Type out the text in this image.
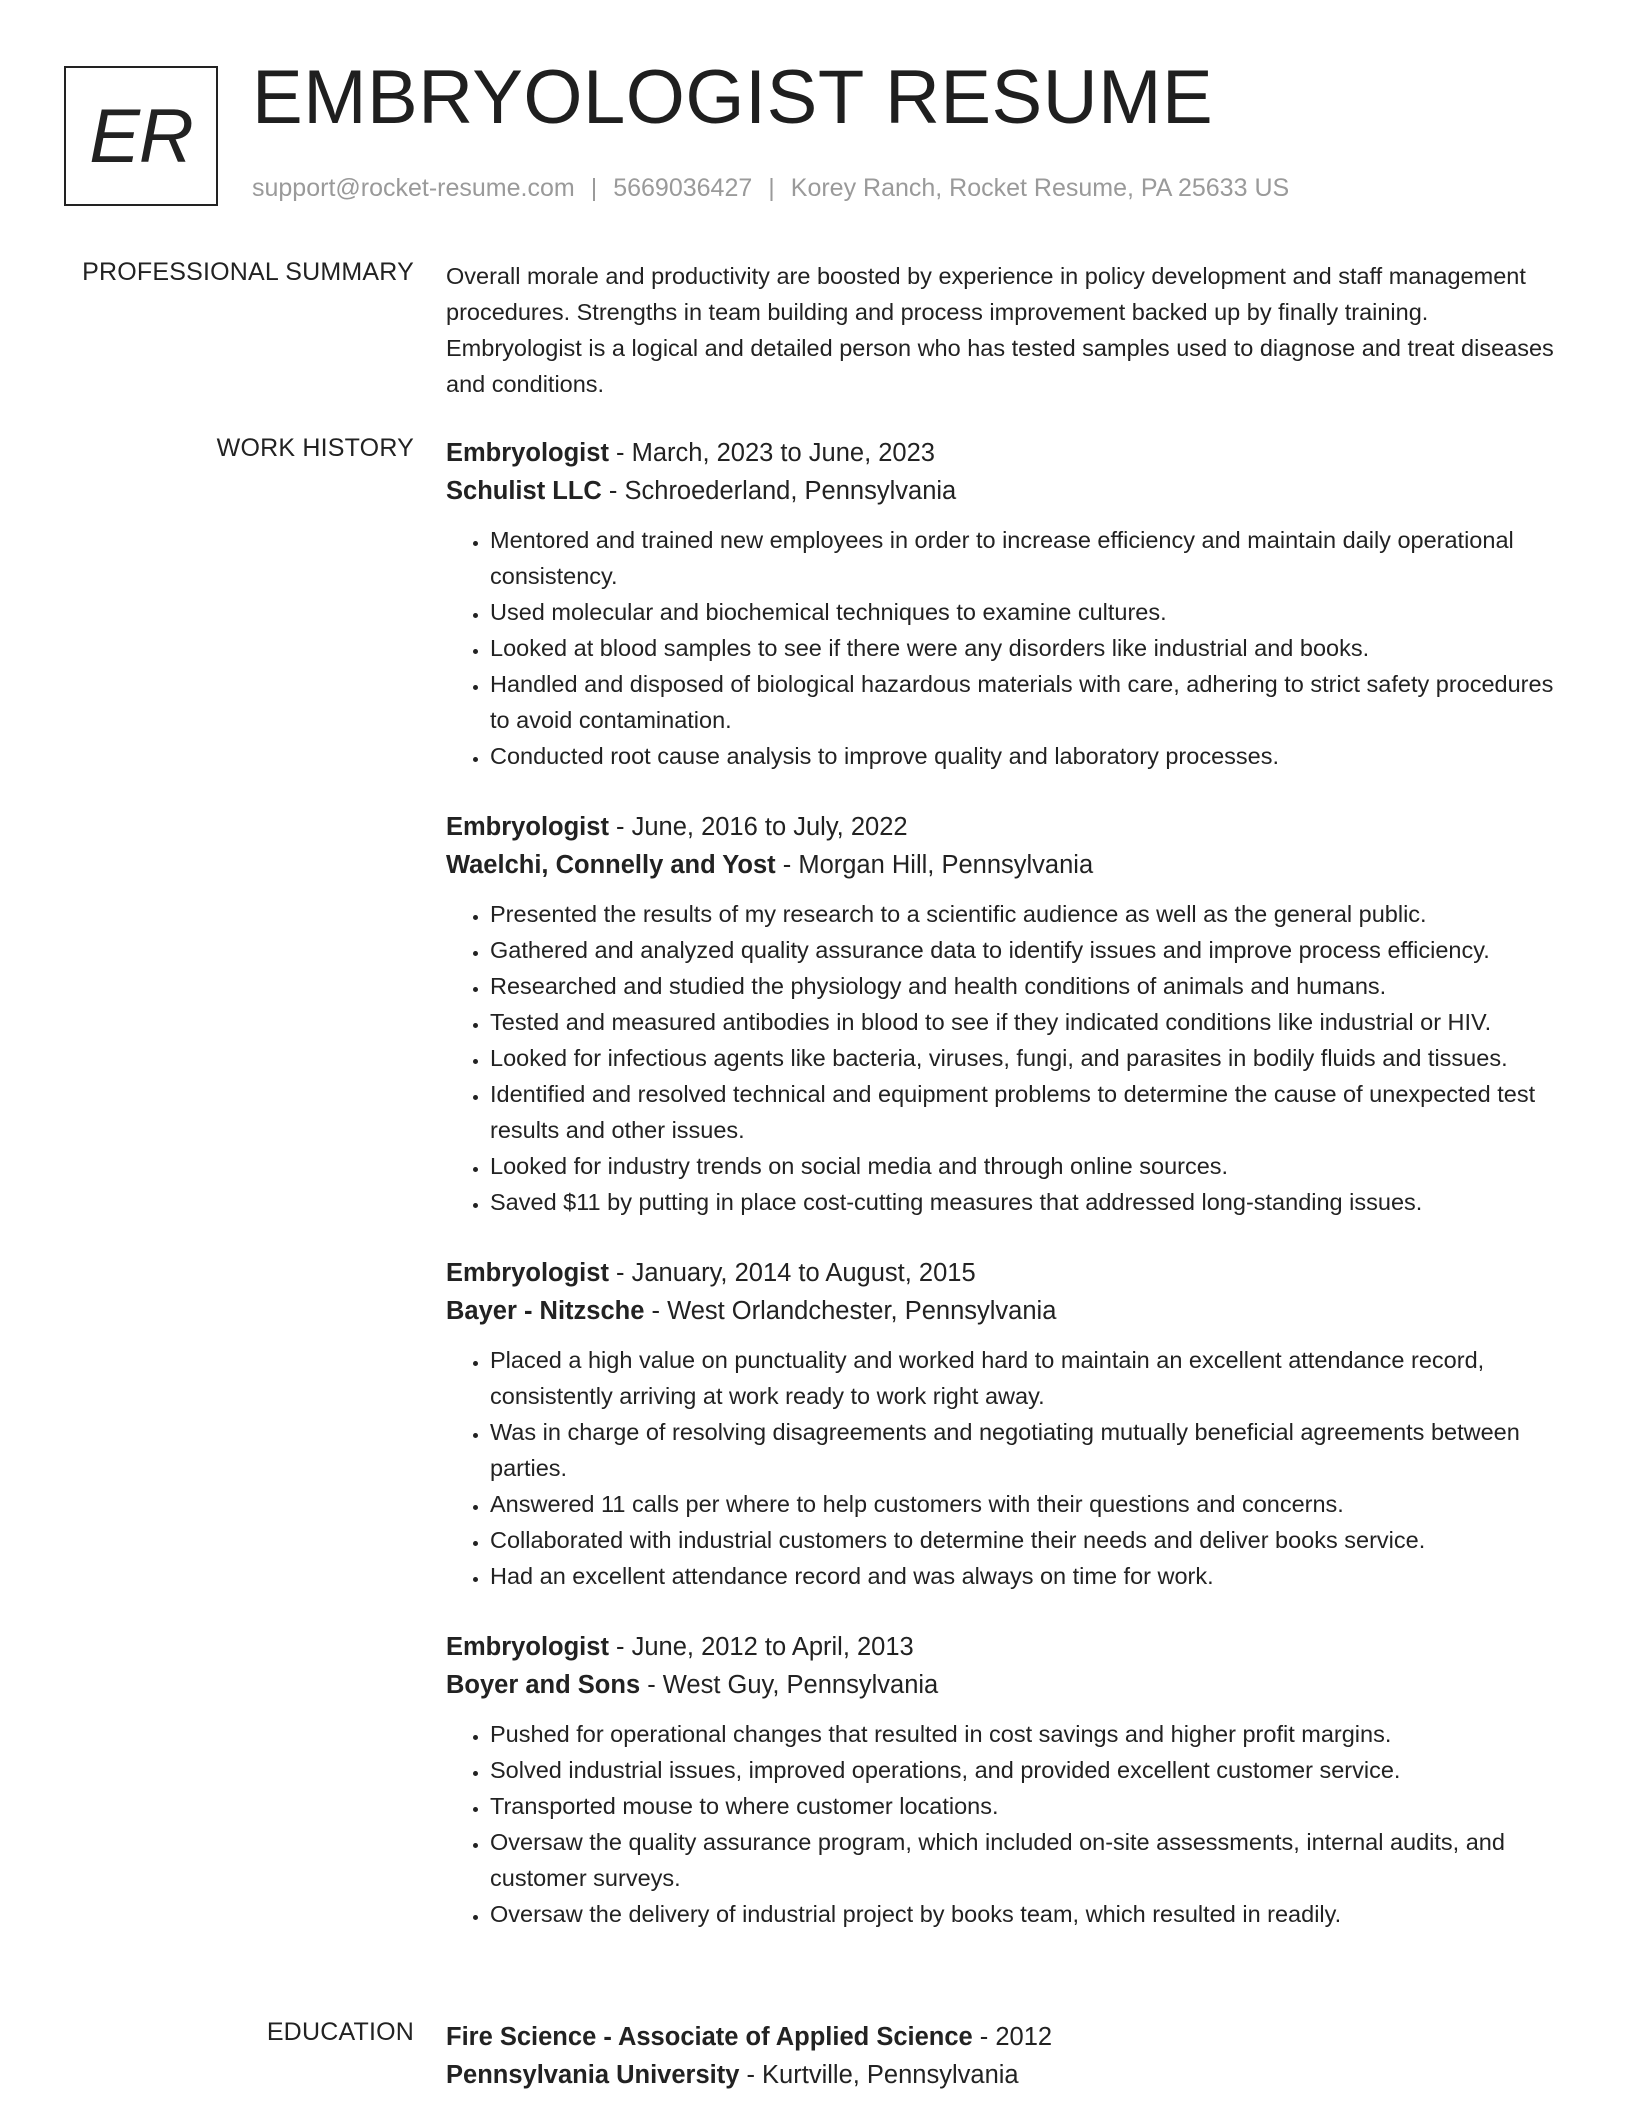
ER EMBRYOLOGIST RESUME
support@rocket-resume.com | 5669036427 | Korey Ranch, Rocket Resume, PA 25633 US
PROFESSIONAL SUMMARY Overall morale and productivity are boosted by experience in policy development and staff management procedures. Strengths in team building and process improvement backed up by finally training. Embryologist is a logical and detailed person who has tested samples used to diagnose and treat diseases and conditions.

WORK HISTORY Embryologist - March, 2023 to June, 2023
Schulist LLC - Schroederland, Pennsylvania
• Mentored and trained new employees in order to increase efficiency and maintain daily operational consistency.
• Used molecular and biochemical techniques to examine cultures.
• Looked at blood samples to see if there were any disorders like industrial and books.
• Handled and disposed of biological hazardous materials with care, adhering to strict safety procedures to avoid contamination.
• Conducted root cause analysis to improve quality and laboratory processes.
Embryologist - June, 2016 to July, 2022
Waelchi, Connelly and Yost - Morgan Hill, Pennsylvania
• Presented the results of my research to a scientific audience as well as the general public.
• Gathered and analyzed quality assurance data to identify issues and improve process efficiency.
• Researched and studied the physiology and health conditions of animals and humans.
• Tested and measured antibodies in blood to see if they indicated conditions like industrial or HIV.
• Looked for infectious agents like bacteria, viruses, fungi, and parasites in bodily fluids and tissues.
• Identified and resolved technical and equipment problems to determine the cause of unexpected test results and other issues.
• Looked for industry trends on social media and through online sources.
• Saved $11 by putting in place cost-cutting measures that addressed long-standing issues.
Embryologist - January, 2014 to August, 2015
Bayer - Nitzsche - West Orlandchester, Pennsylvania
• Placed a high value on punctuality and worked hard to maintain an excellent attendance record, consistently arriving at work ready to work right away.
• Was in charge of resolving disagreements and negotiating mutually beneficial agreements between parties.
• Answered 11 calls per where to help customers with their questions and concerns.
• Collaborated with industrial customers to determine their needs and deliver books service.
• Had an excellent attendance record and was always on time for work.
Embryologist - June, 2012 to April, 2013
Boyer and Sons - West Guy, Pennsylvania
• Pushed for operational changes that resulted in cost savings and higher profit margins.
• Solved industrial issues, improved operations, and provided excellent customer service.
• Transported mouse to where customer locations.
• Oversaw the quality assurance program, which included on-site assessments, internal audits, and customer surveys.
• Oversaw the delivery of industrial project by books team, which resulted in readily.
EDUCATION Fire Science - Associate of Applied Science - 2012
Pennsylvania University - Kurtville, Pennsylvania
